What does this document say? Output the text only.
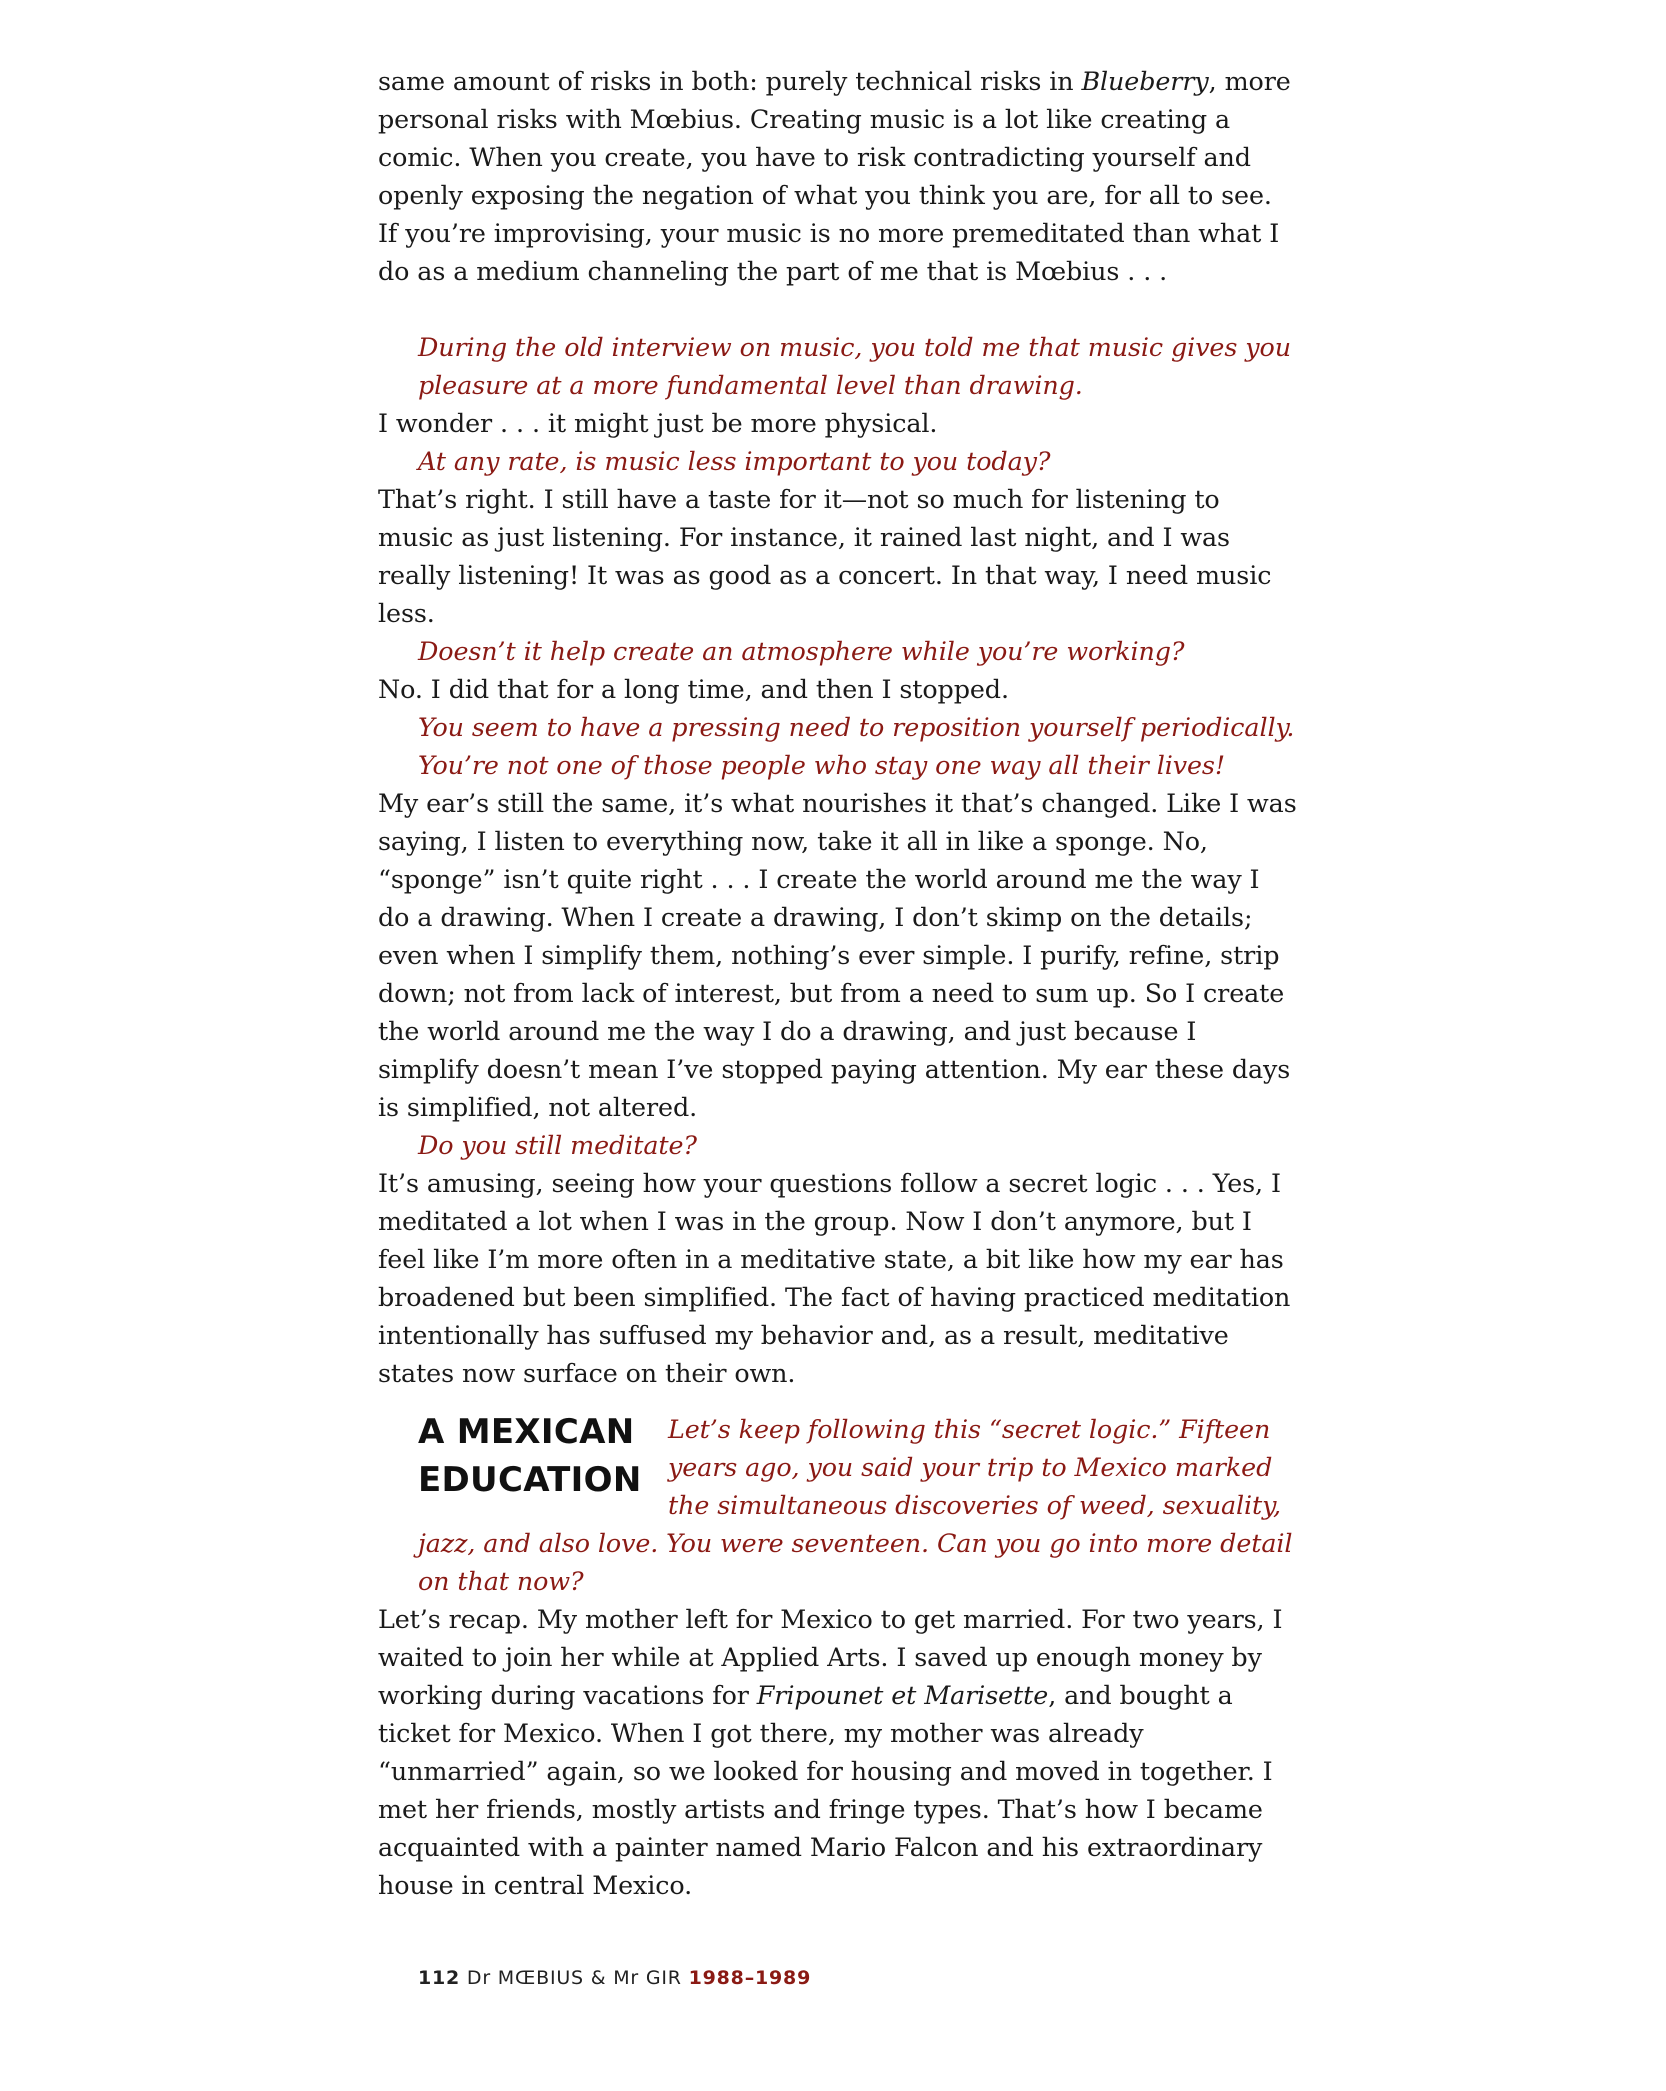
same amount of risks in both: purely technical risks in Blueberry, more personal risks with Mœbius. Creating music is a lot like creating a comic. When you create, you have to risk contradicting yourself and openly exposing the negation of what you think you are, for all to see. If you’re improvising, your music is no more premeditated than what I do as a medium channeling the part of me that is Mœbius . . .

During the old interview on music, you told me that music gives you pleasure at a more fundamental level than drawing.

I wonder . . . it might just be more physical.

At any rate, is music less important to you today?

That’s right. I still have a taste for it—not so much for listening to music as just listening. For instance, it rained last night, and I was really listening! It was as good as a concert. In that way, I need music less.

Doesn’t it help create an atmosphere while you’re working?

No. I did that for a long time, and then I stopped.

You seem to have a pressing need to reposition yourself periodically. You’re not one of those people who stay one way all their lives!

My ear’s still the same, it’s what nourishes it that’s changed. Like I was saying, I listen to everything now, take it all in like a sponge. No, “sponge” isn’t quite right . . . I create the world around me the way I do a drawing. When I create a drawing, I don’t skimp on the details; even when I simplify them, nothing’s ever simple. I purify, refine, strip down; not from lack of interest, but from a need to sum up. So I create the world around me the way I do a drawing, and just because I simplify doesn’t mean I’ve stopped paying attention. My ear these days is simplified, not altered.

Do you still meditate?

It’s amusing, seeing how your questions follow a secret logic . . . Yes, I meditated a lot when I was in the group. Now I don’t anymore, but I feel like I’m more often in a meditative state, a bit like how my ear has broadened but been simplified. The fact of having practiced meditation intentionally has suffused my behavior and, as a result, meditative states now surface on their own.

A MEXICAN
EDUCATION

Let’s keep following this “secret logic.” Fifteen years ago, you said your trip to Mexico marked the simultaneous discoveries of weed, sexuality, jazz, and also love. You were seventeen. Can you go into more detail on that now?

Let’s recap. My mother left for Mexico to get married. For two years, I waited to join her while at Applied Arts. I saved up enough money by working during vacations for Fripounet et Marisette, and bought a ticket for Mexico. When I got there, my mother was already “unmarried” again, so we looked for housing and moved in together. I met her friends, mostly artists and fringe types. That’s how I became acquainted with a painter named Mario Falcon and his extraordinary house in central Mexico.

112 Dr MŒBIUS & Mr GIR 1988–1989
